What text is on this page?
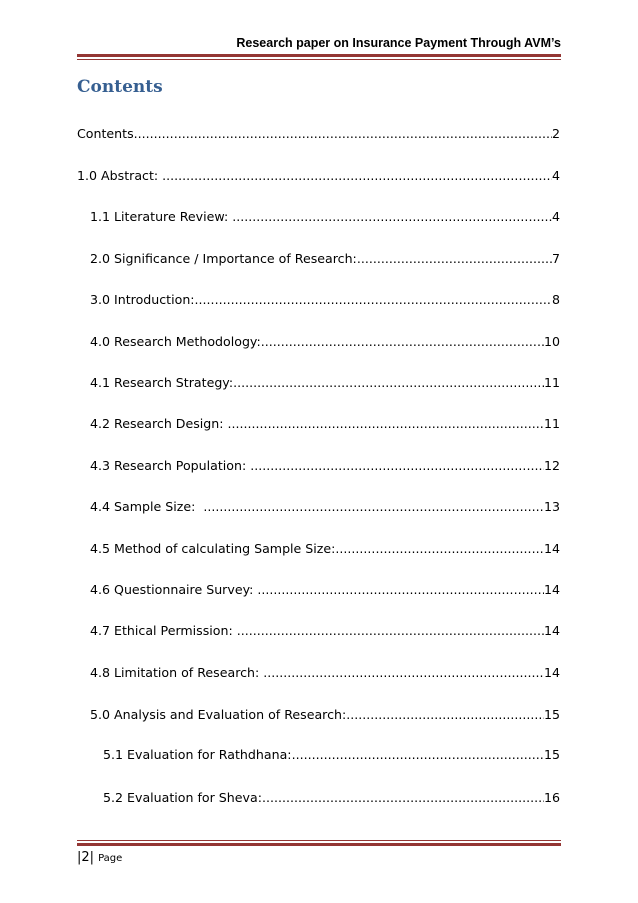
Research paper on Insurance Payment Through AVM’s
Contents
Contents .....	2
1.0 Abstract: .....	4
1.1 Literature Review: .....	4
2.0 Significance / Importance of Research: .....	7
3.0 Introduction: .....	8
4.0 Research Methodology: .....	10
4.1 Research Strategy: .....	11
4.2 Research Design: .....	11
4.3 Research Population: .....	12
4.4 Sample Size: .....	13
4.5 Method of calculating Sample Size: .....	14
4.6 Questionnaire Survey: .....	14
4.7 Ethical Permission: .....	14
4.8 Limitation of Research: .....	14
5.0 Analysis and Evaluation of Research: .....	15
5.1 Evaluation for Rathdhana: .....	15
5.2 Evaluation for Sheva: .....	16
| 2 | Page
